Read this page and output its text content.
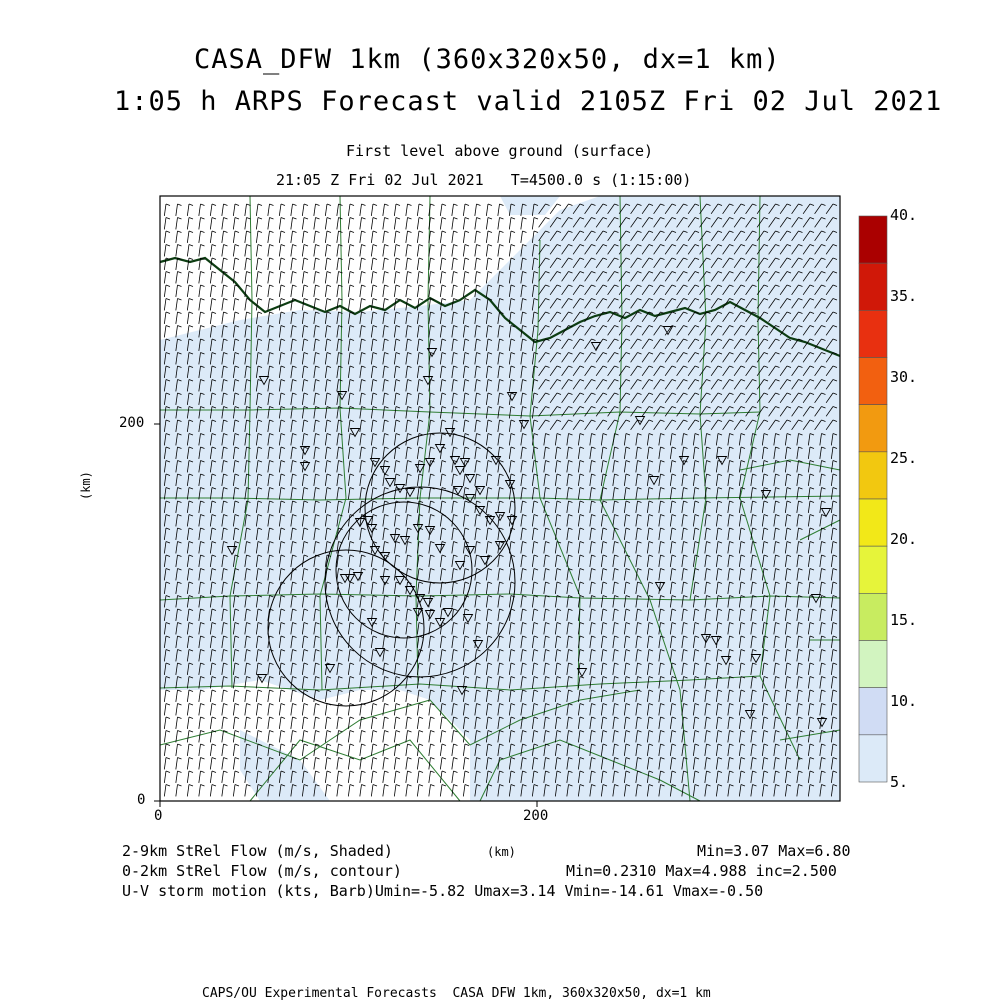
CASA_DFW 1km (360x320x50, dx=1 km)
1:05 h ARPS Forecast valid 2105Z Fri 02 Jul 2021
First level above ground (surface)
21:05 Z Fri 02 Jul 2021   T=4500.0 s (1:15:00)
200
0
0	200
(km)
40.
35.
30.
25.
20.
15.
10.
5.
2-9km StRel Flow (m/s, Shaded)	(km)	Min=3.07 Max=6.80
0-2km StRel Flow (m/s, contour)	Min=0.2310 Max=4.988 inc=2.500
U-V storm motion (kts, Barb)Umin=-5.82 Umax=3.14 Vmin=-14.61 Vmax=-0.50
CAPS/OU Experimental Forecasts  CASA DFW 1km, 360x320x50, dx=1 km
